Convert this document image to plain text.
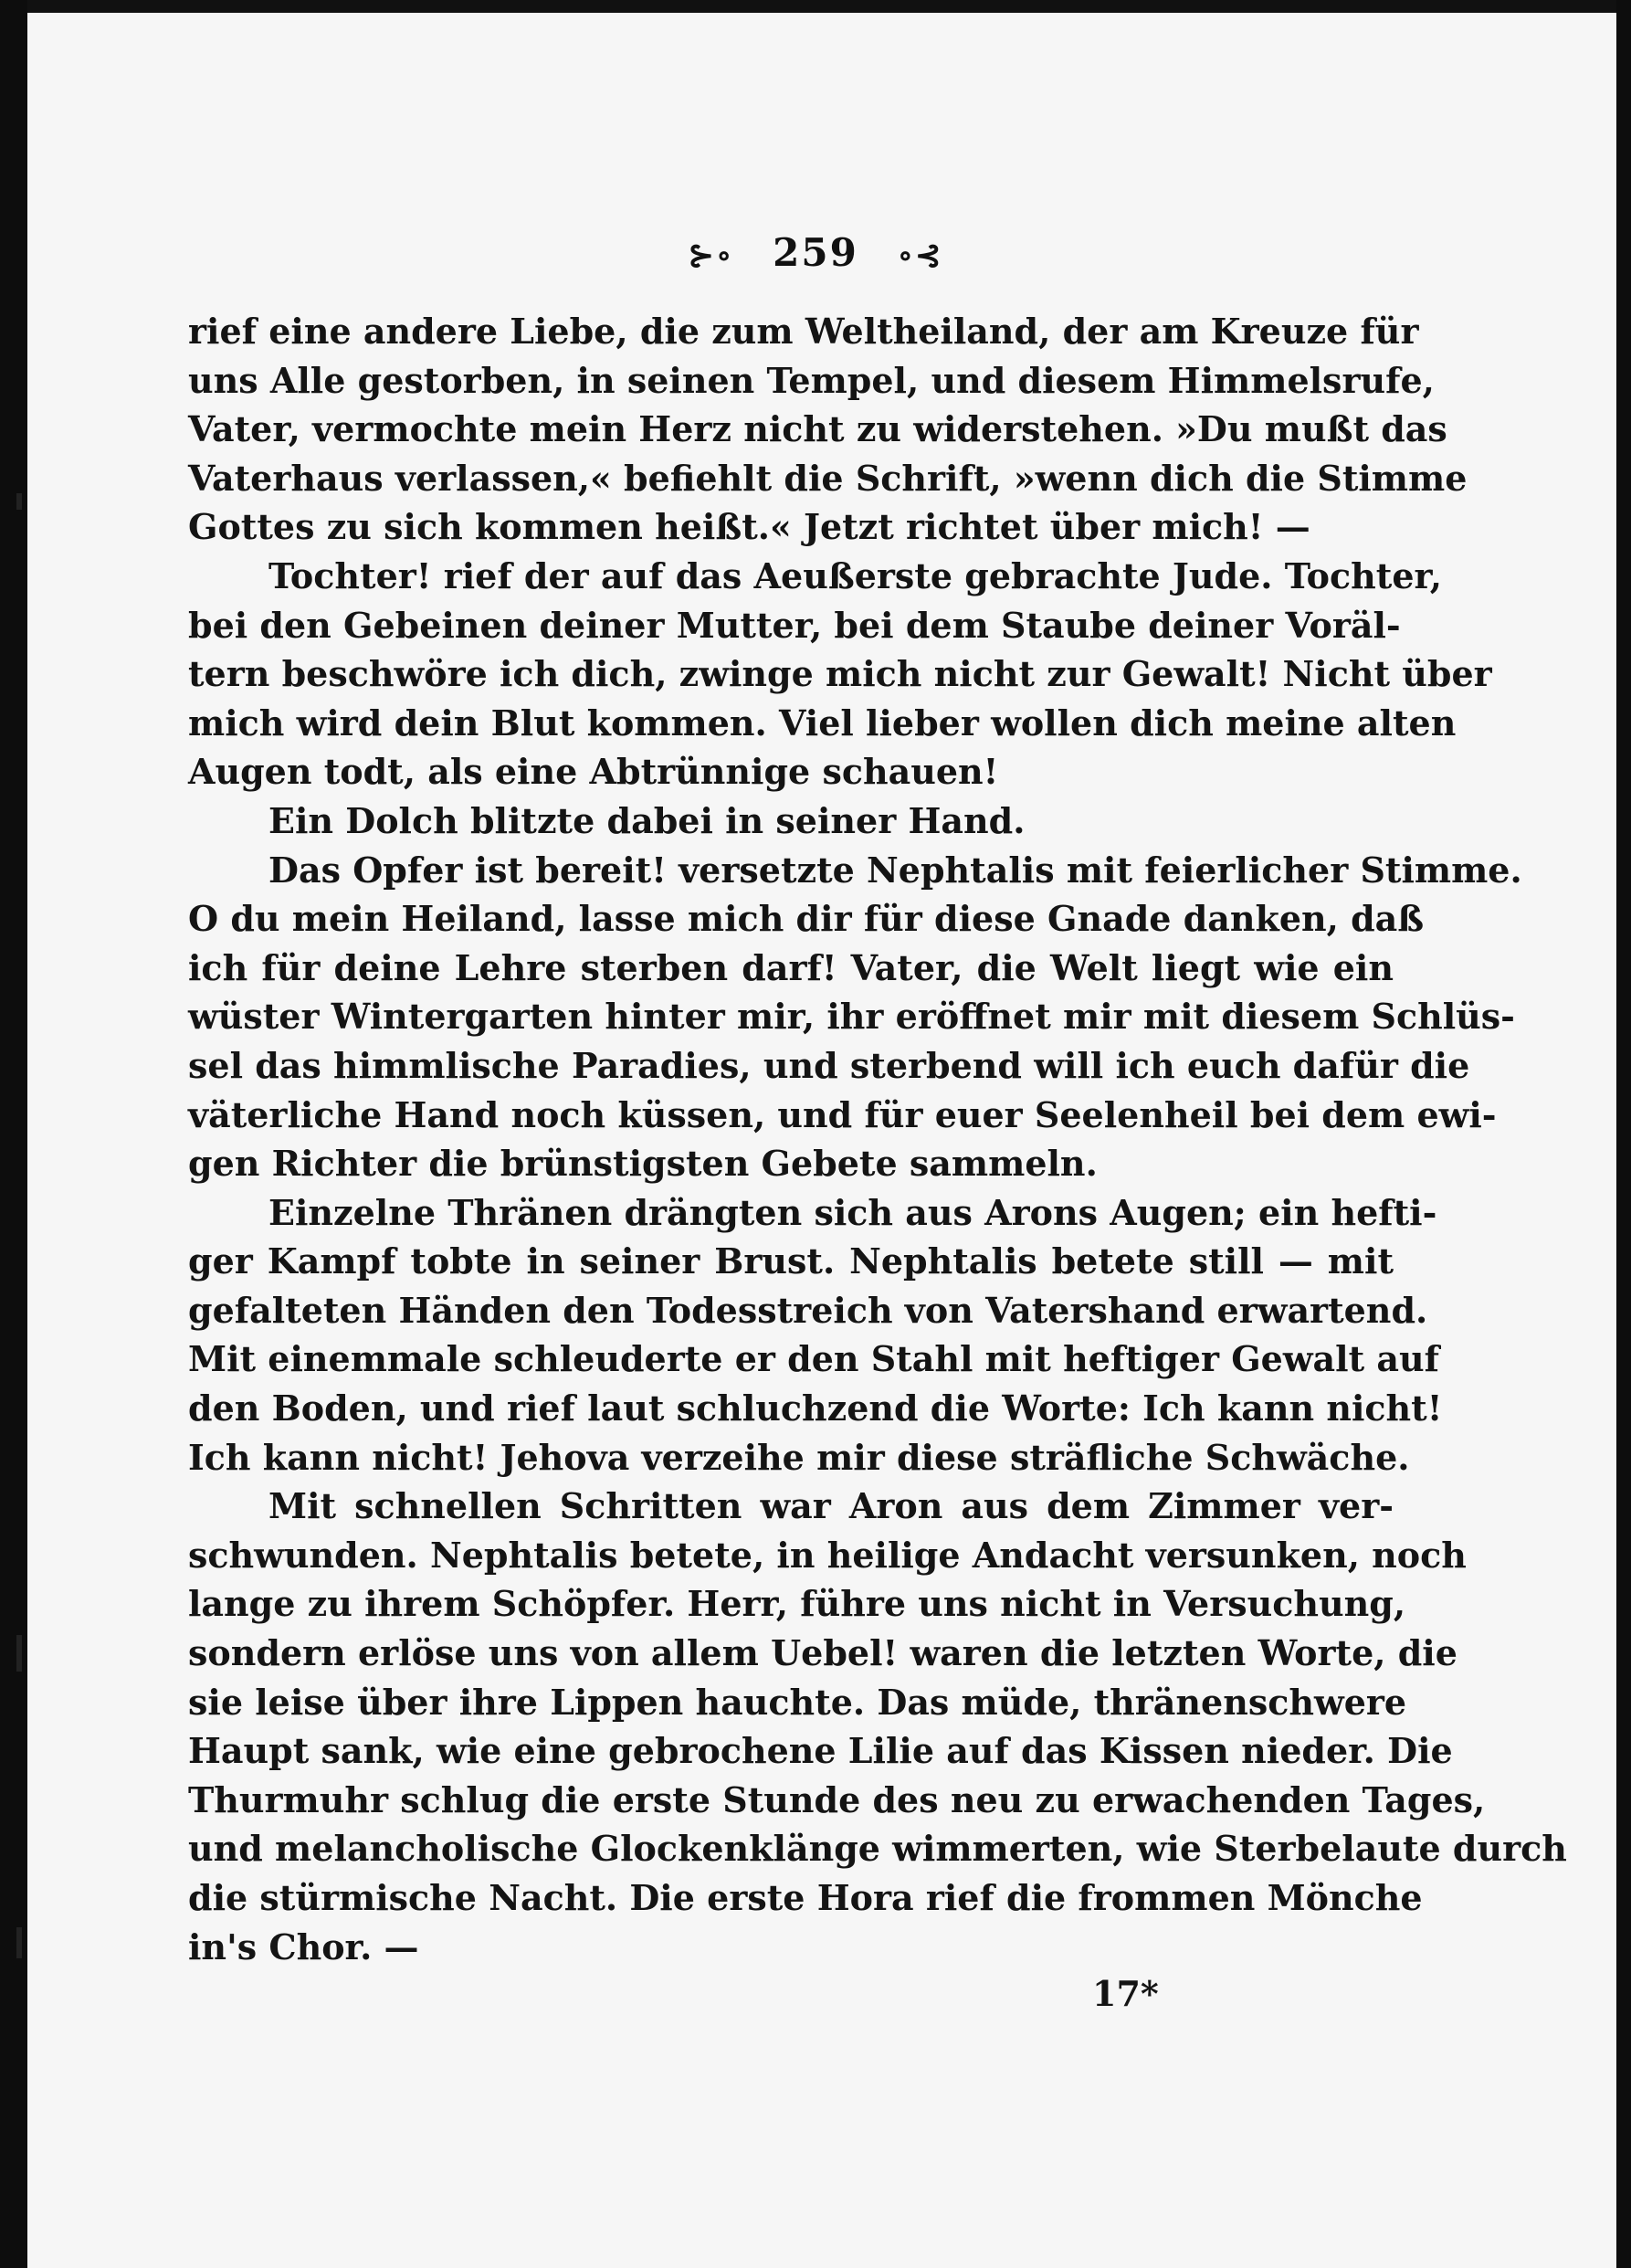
⊱∘ 259 ∘⊰
rief eine andere Liebe, die zum Weltheiland, der am Kreuze für
uns Alle gestorben, in seinen Tempel, und diesem Himmelsrufe,
Vater, vermochte mein Herz nicht zu widerstehen. »Du mußt das
Vaterhaus verlassen,« befiehlt die Schrift, »wenn dich die Stimme
Gottes zu sich kommen heißt.« Jetzt richtet über mich! —
Tochter! rief der auf das Aeußerste gebrachte Jude. Tochter,
bei den Gebeinen deiner Mutter, bei dem Staube deiner Voräl-
tern beschwöre ich dich, zwinge mich nicht zur Gewalt! Nicht über
mich wird dein Blut kommen. Viel lieber wollen dich meine alten
Augen todt, als eine Abtrünnige schauen!
Ein Dolch blitzte dabei in seiner Hand.
Das Opfer ist bereit! versetzte Nephtalis mit feierlicher Stimme.
O du mein Heiland, lasse mich dir für diese Gnade danken, daß
ich für deine Lehre sterben darf! Vater, die Welt liegt wie ein
wüster Wintergarten hinter mir, ihr eröffnet mir mit diesem Schlüs-
sel das himmlische Paradies, und sterbend will ich euch dafür die
väterliche Hand noch küssen, und für euer Seelenheil bei dem ewi-
gen Richter die brünstigsten Gebete sammeln.
Einzelne Thränen drängten sich aus Arons Augen; ein hefti-
ger Kampf tobte in seiner Brust. Nephtalis betete still — mit
gefalteten Händen den Todesstreich von Vatershand erwartend.
Mit einemmale schleuderte er den Stahl mit heftiger Gewalt auf
den Boden, und rief laut schluchzend die Worte: Ich kann nicht!
Ich kann nicht! Jehova verzeihe mir diese sträfliche Schwäche.
Mit schnellen Schritten war Aron aus dem Zimmer ver-
schwunden. Nephtalis betete, in heilige Andacht versunken, noch
lange zu ihrem Schöpfer. Herr, führe uns nicht in Versuchung,
sondern erlöse uns von allem Uebel! waren die letzten Worte, die
sie leise über ihre Lippen hauchte. Das müde, thränenschwere
Haupt sank, wie eine gebrochene Lilie auf das Kissen nieder. Die
Thurmuhr schlug die erste Stunde des neu zu erwachenden Tages,
und melancholische Glockenklänge wimmerten, wie Sterbelaute durch
die stürmische Nacht. Die erste Hora rief die frommen Mönche
in's Chor. —
17*
